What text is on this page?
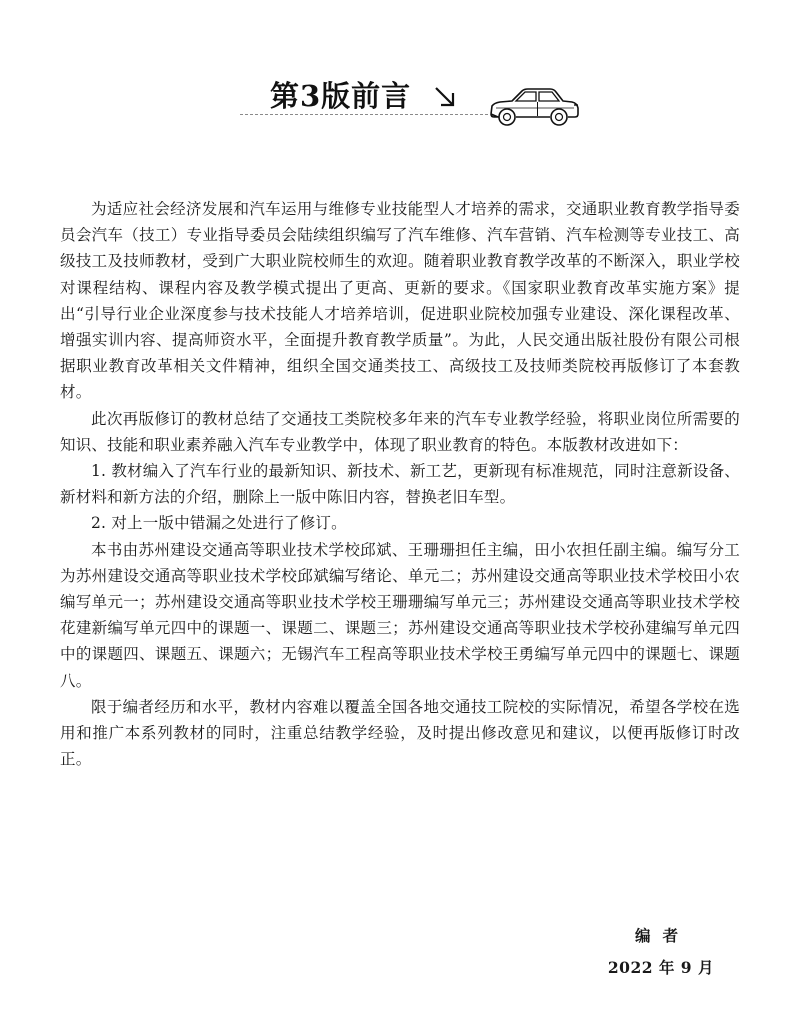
第3版前言

为适应社会经济发展和汽车运用与维修专业技能型人才培养的需求，交通职业教育教学指导委员会汽车（技工）专业指导委员会陆续组织编写了汽车维修、汽车营销、汽车检测等专业技工、高级技工及技师教材，受到广大职业院校师生的欢迎。随着职业教育教学改革的不断深入，职业学校对课程结构、课程内容及教学模式提出了更高、更新的要求。《国家职业教育改革实施方案》提出“引导行业企业深度参与技术技能人才培养培训，促进职业院校加强专业建设、深化课程改革、增强实训内容、提高师资水平，全面提升教育教学质量”。为此，人民交通出版社股份有限公司根据职业教育改革相关文件精神，组织全国交通类技工、高级技工及技师类院校再版修订了本套教材。

此次再版修订的教材总结了交通技工类院校多年来的汽车专业教学经验，将职业岗位所需要的知识、技能和职业素养融入汽车专业教学中，体现了职业教育的特色。本版教材改进如下：

1. 教材编入了汽车行业的最新知识、新技术、新工艺，更新现有标准规范，同时注意新设备、新材料和新方法的介绍，删除上一版中陈旧内容，替换老旧车型。

2. 对上一版中错漏之处进行了修订。

本书由苏州建设交通高等职业技术学校邱斌、王珊珊担任主编，田小农担任副主编。编写分工为苏州建设交通高等职业技术学校邱斌编写绪论、单元二；苏州建设交通高等职业技术学校田小农编写单元一；苏州建设交通高等职业技术学校王珊珊编写单元三；苏州建设交通高等职业技术学校花建新编写单元四中的课题一、课题二、课题三；苏州建设交通高等职业技术学校孙建编写单元四中的课题四、课题五、课题六；无锡汽车工程高等职业技术学校王勇编写单元四中的课题七、课题八。

限于编者经历和水平，教材内容难以覆盖全国各地交通技工院校的实际情况，希望各学校在选用和推广本系列教材的同时，注重总结教学经验，及时提出修改意见和建议，以便再版修订时改正。

编者
2022 年 9 月
